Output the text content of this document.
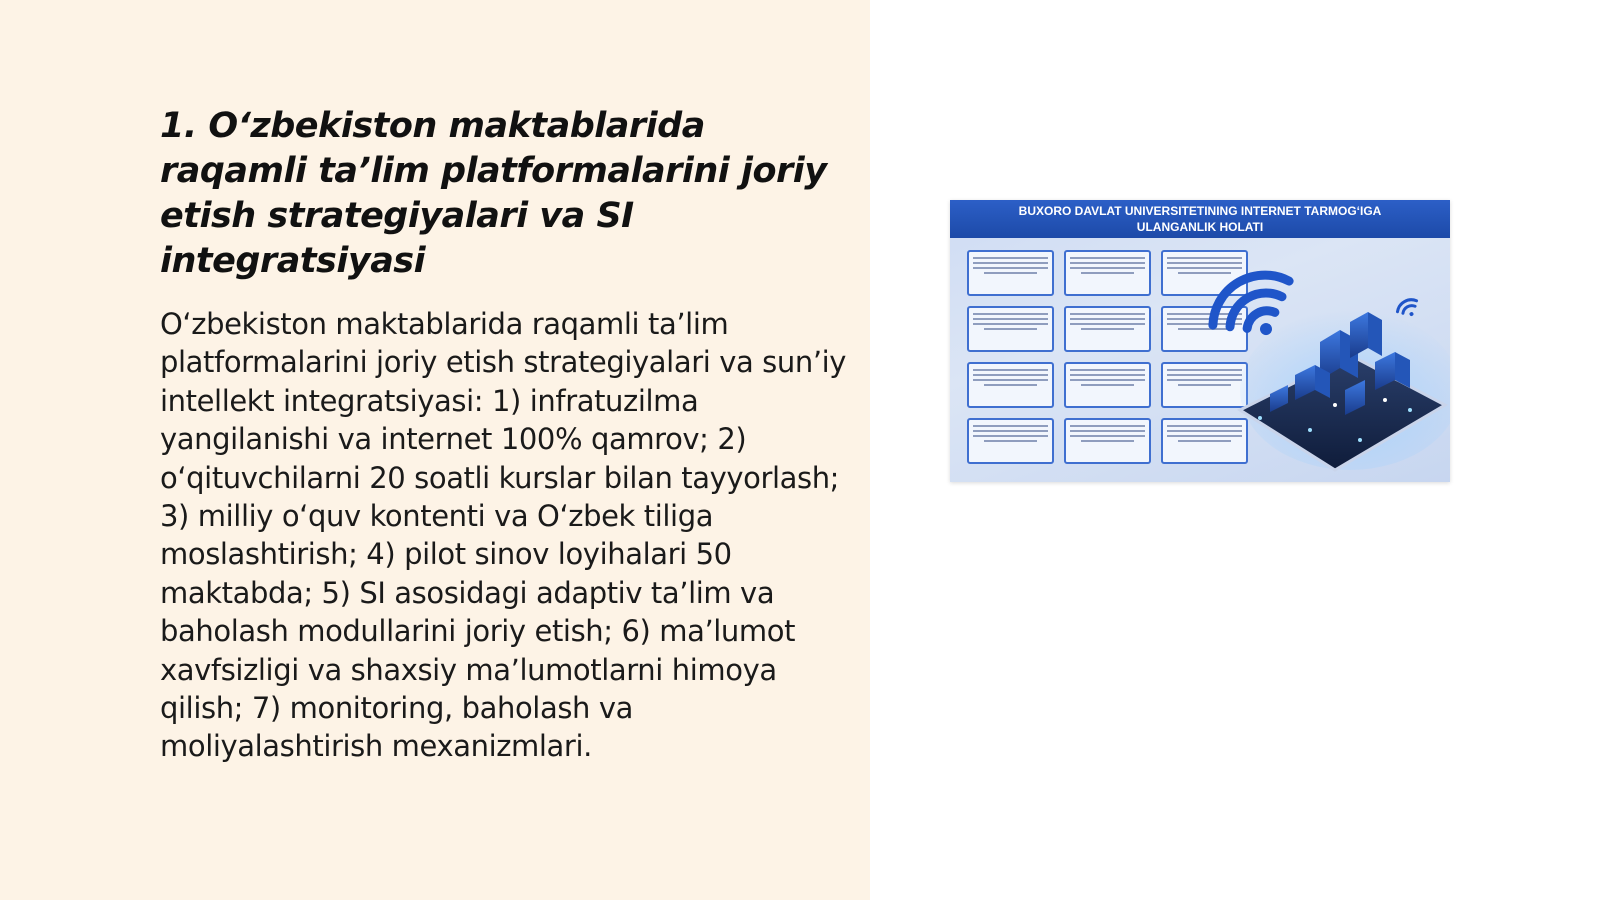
1. O‘zbekiston maktablarida raqamli ta’lim platformalarini joriy etish strategiyalari va SI integratsiyasi

O‘zbekiston maktablarida raqamli ta’lim platformalarini joriy etish strategiyalari va sun’iy intellekt integratsiyasi: 1) infratuzilma yangilanishi va internet 100% qamrov; 2) o‘qituvchilarni 20 soatli kurslar bilan tayyorlash; 3) milliy o‘quv kontenti va O‘zbek tiliga moslashtirish; 4) pilot sinov loyihalari 50 maktabda; 5) SI asosidagi adaptiv ta’lim va baholash modullarini joriy etish; 6) ma’lumot xavfsizligi va shaxsiy ma’lumotlarni himoya qilish; 7) monitoring, baholash va moliyalashtirish mexanizmlari.

BUXORO DAVLAT UNIVERSITETINING INTERNET TARMOG‘IGA
ULANGANLIK HOLATI
